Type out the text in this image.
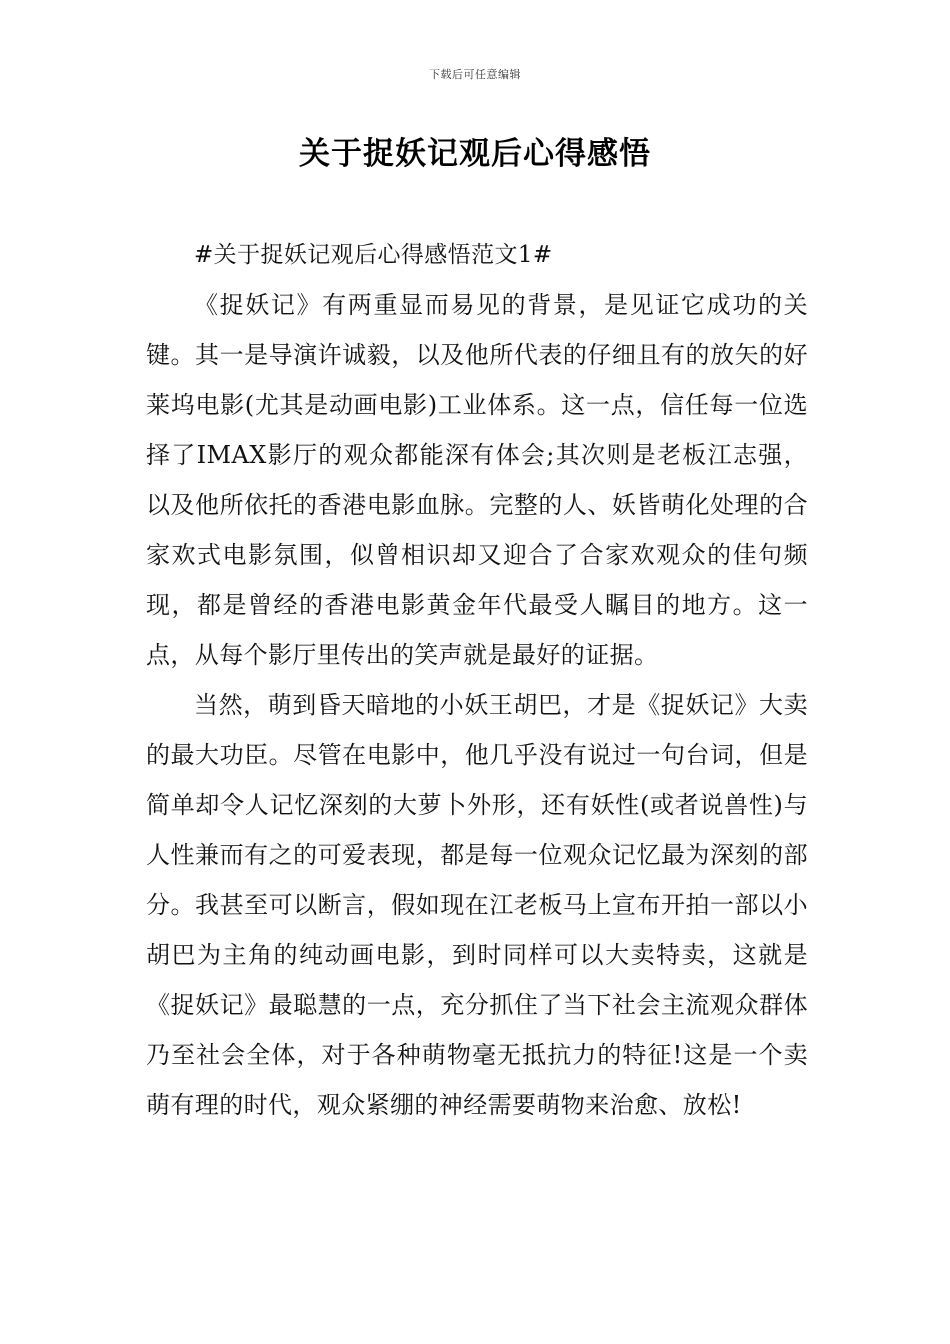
下载后可任意编辑
关于捉妖记观后心得感悟

#关于捉妖记观后心得感悟范文1#

《捉妖记》有两重显而易见的背景，是见证它成功的关键。其一是导演许诚毅，以及他所代表的仔细且有的放矢的好莱坞电影(尤其是动画电影)工业体系。这一点，信任每一位选择了IMAX影厅的观众都能深有体会;其次则是老板江志强，以及他所依托的香港电影血脉。完整的人、妖皆萌化处理的合家欢式电影氛围，似曾相识却又迎合了合家欢观众的佳句频现，都是曾经的香港电影黄金年代最受人瞩目的地方。这一点，从每个影厅里传出的笑声就是最好的证据。

当然，萌到昏天暗地的小妖王胡巴，才是《捉妖记》大卖的最大功臣。尽管在电影中，他几乎没有说过一句台词，但是简单却令人记忆深刻的大萝卜外形，还有妖性(或者说兽性)与人性兼而有之的可爱表现，都是每一位观众记忆最为深刻的部分。我甚至可以断言，假如现在江老板马上宣布开拍一部以小胡巴为主角的纯动画电影，到时同样可以大卖特卖，这就是《捉妖记》最聪慧的一点，充分抓住了当下社会主流观众群体乃至社会全体，对于各种萌物毫无抵抗力的特征!这是一个卖萌有理的时代，观众紧绷的神经需要萌物来治愈、放松!
